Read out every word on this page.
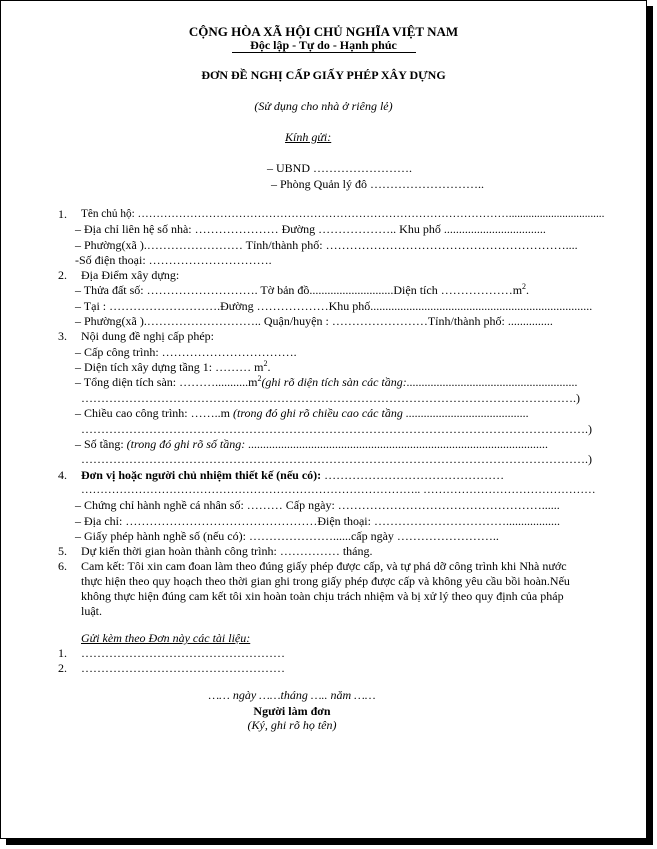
CỘNG HÒA XÃ HỘI CHỦ NGHĨA VIỆT NAM
Độc lập - Tự do - Hạnh phúc
ĐƠN ĐỀ NGHỊ CẤP GIẤY PHÉP XÂY DỰNG
(Sử dụng cho nhà ở riêng lẻ)
Kính gửi:
– UBND …………………….
– Phòng Quản lý đô ………………………..
1. Tên chủ hộ: ………………………………………………………………………………………..................................
– Địa chỉ liên hệ số nhà: ………………… Đường ……………….. Khu phố ..................................
– Phường(xã ).…………………… Tỉnh/thành phố: ……………………………………………………....
-Số điện thoại: ………………………….
2. Địa Điểm xây dựng:
– Thửa đất số: ………………………. Tờ bản đồ............................Diện tích $\dots\dots\dots\dots\dots\dots m^2$.
– Tại : ……………………….Đường ………………Khu phố..........................................................................
– Phường(xã ).……………………….. Quận/huyện : ……………………Tỉnh/thành phố: ...............
3. Nội dung đề nghị cấp phép:
– Cấp công trình: …………………………….
– Diện tích xây dựng tầng 1: ……… $m^2$.
– Tổng diện tích sàn: $\dots\dots\dots...........m^2(ghi$ rõ diện tích sàn các tầng:.........................................................
…………………………………………………………………………………………………………….)
– Chiều cao công trình: ……..m (trong đó ghi rõ chiều cao các tầng .........................................
……………………………………………………………………………………………………………….)
– Số tầng: (trong đó ghi rõ số tầng: ....................................................................................................
……………………………………………………………………………………………………………….)
4. Đơn vị hoặc người chủ nhiệm thiết kế (nếu có): ………………………………………
…………………………………………………………………………….. ………………………………………
– Chứng chỉ hành nghề cá nhân số: ……… Cấp ngày: ……………………………………………......
– Địa chỉ: …………………………………………Điện thoại: ……………………………..................
– Giấy phép hành nghề số (nếu có): …………………......cấp ngày ……………………..
5. Dự kiến thời gian hoàn thành công trình: …………… tháng.
6. Cam kết: Tôi xin cam đoan làm theo đúng giấy phép được cấp, và tự phá dỡ công trình khi Nhà nước
thực hiện theo quy hoạch theo thời gian ghi trong giấy phép được cấp và không yêu cầu bồi hoàn.Nếu
không thực hiện đúng cam kết tôi xin hoàn toàn chịu trách nhiệm và bị xử lý theo quy định của pháp
luật.
Gửi kèm theo Đơn này các tài liệu:
1. ……………………………………………
2. ……………………………………………
…… ngày ……tháng ….. năm ……
Người làm đơn
(Ký, ghi rõ họ tên)
